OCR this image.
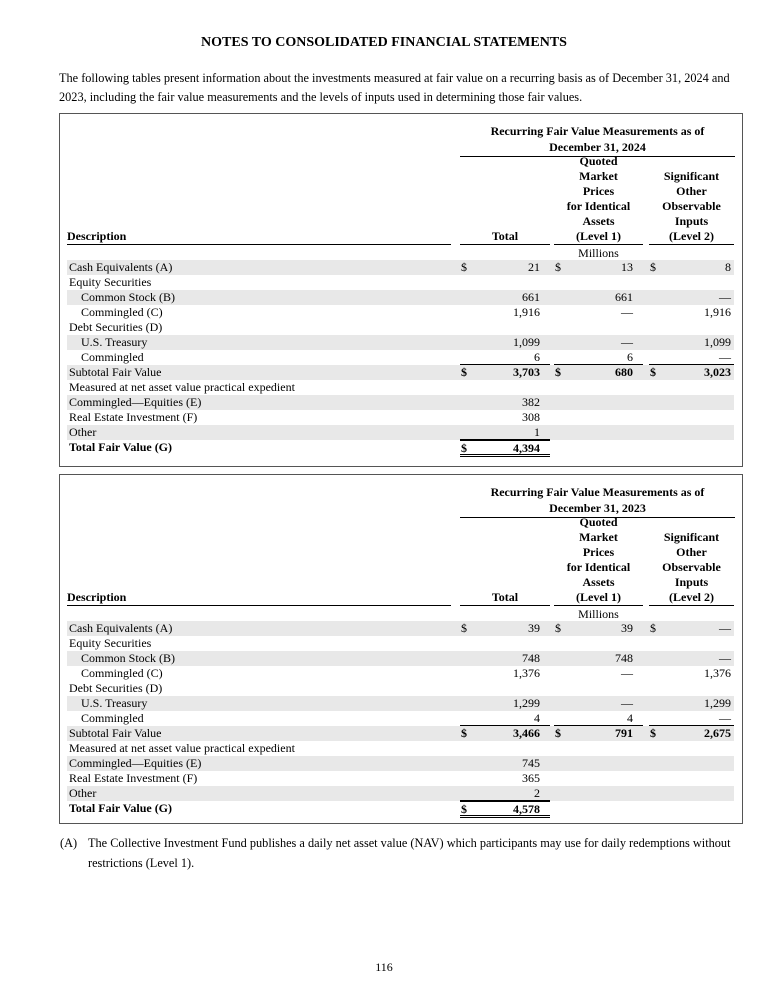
NOTES TO CONSOLIDATED FINANCIAL STATEMENTS
The following tables present information about the investments measured at fair value on a recurring basis as of December 31, 2024 and 2023, including the fair value measurements and the levels of inputs used in determining those fair values.
Recurring Fair Value Measurements as of
December 31, 2024
Description	Total
Quoted
Market
Prices
for Identical
Assets
(Level 1)
Significant
Other
Observable
Inputs
(Level 2)
Millions
Cash Equivalents (A)	$	21 $	13 $	8
Equity Securities
Common Stock (B)	661	661	—
Commingled (C)	1,916	—	1,916
Debt Securities (D)
U.S. Treasury	1,099	—	1,099
Commingled	6	6	—
Subtotal Fair Value	$	3,703 $	680 $	3,023
Measured at net asset value practical expedient
Commingled—Equities (E)	382
Real Estate Investment (F)	308
Other	1
Total Fair Value (G)	$	4,394
Recurring Fair Value Measurements as of
December 31, 2023
Description	Total
Quoted
Market
Prices
for Identical
Assets
(Level 1)
Significant
Other
Observable
Inputs
(Level 2)
Millions
Cash Equivalents (A)	$	39 $	39 $	—
Equity Securities
Common Stock (B)	748	748	—
Commingled (C)	1,376	—	1,376
Debt Securities (D)
U.S. Treasury	1,299	—	1,299
Commingled	4	4	—
Subtotal Fair Value	$	3,466 $	791 $	2,675
Measured at net asset value practical expedient
Commingled—Equities (E)	745
Real Estate Investment (F)	365
Other	2
Total Fair Value (G)	$	4,578
(A) The Collective Investment Fund publishes a daily net asset value (NAV) which participants may use for daily redemptions without restrictions (Level 1).
116
